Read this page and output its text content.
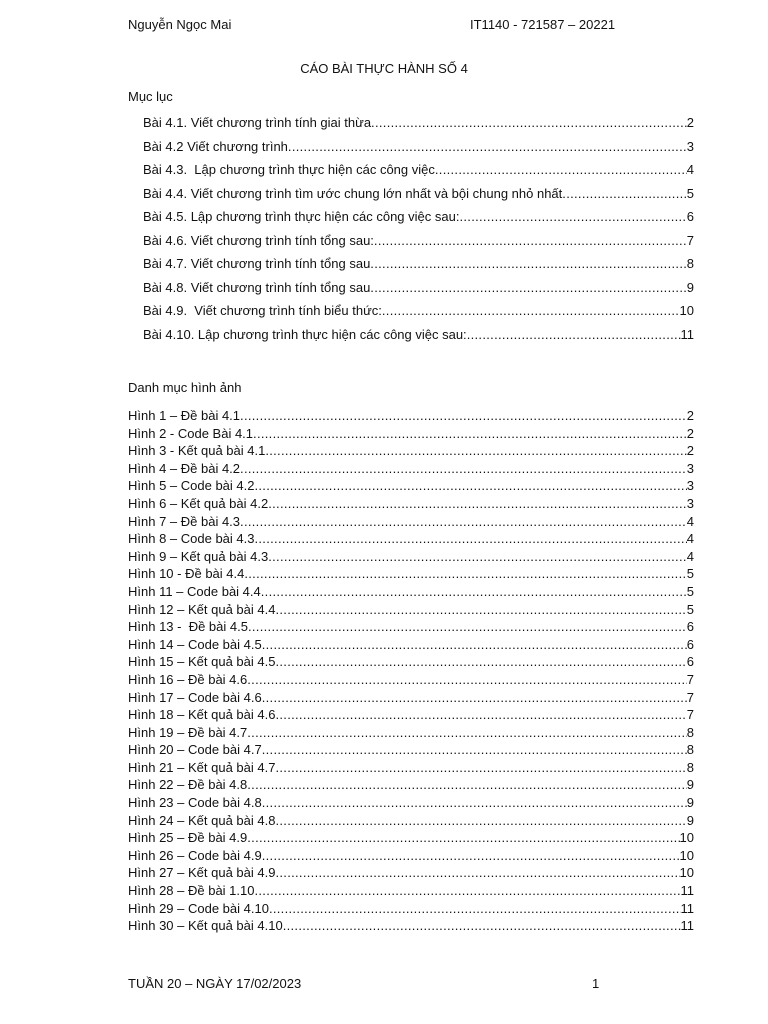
Nguyễn Ngọc Mai	IT1140 - 721587 – 20221
CÁO BÀI THỰC HÀNH SỐ 4
Mục lục
Bài 4.1. Viết chương trình tính giai thừa .....	2
Bài 4.2 Viết chương trình .....	3
Bài 4.3.  Lập chương trình thực hiện các công việc .....	4
Bài 4.4. Viết chương trình tìm ước chung lớn nhất và bội chung nhỏ nhất .....	5
Bài 4.5. Lập chương trình thực hiện các công việc sau: .....	6
Bài 4.6. Viết chương trình tính tổng sau: .....	7
Bài 4.7. Viết chương trình tính tổng sau .....	8
Bài 4.8. Viết chương trình tính tổng sau .....	9
Bài 4.9.  Viết chương trình tính biểu thức: .....	10
Bài 4.10. Lập chương trình thực hiện các công việc sau: .....	11
Danh mục hình ảnh
Hình 1 – Đề bài 4.1 .....	2
Hình 2 - Code Bài 4.1 .....	2
Hình 3 - Kết quả bài 4.1 .....	2
Hình 4 – Đề bài 4.2 .....	3
Hình 5 – Code bài 4.2 .....	3
Hình 6 – Kết quả bài 4.2 .....	3
Hình 7 – Đề bài 4.3 .....	4
Hình 8 – Code bài 4.3 .....	4
Hình 9 – Kết quả bài 4.3 .....	4
Hình 10 - Đề bài 4.4 .....	5
Hình 11 – Code bài 4.4 .....	5
Hình 12 – Kết quả bài 4.4 .....	5
Hình 13 -  Đề bài 4.5 .....	6
Hình 14 – Code bài 4.5 .....	6
Hình 15 – Kết quả bài 4.5 .....	6
Hình 16 – Đề bài 4.6 .....	7
Hình 17 – Code bài 4.6 .....	7
Hình 18 – Kết quả bài 4.6 .....	7
Hình 19 – Đề bài 4.7 .....	8
Hình 20 – Code bài 4.7 .....	8
Hình 21 – Kết quả bài 4.7 .....	8
Hình 22 – Đề bài 4.8 .....	9
Hình 23 – Code bài 4.8 .....	9
Hình 24 – Kết quả bài 4.8 .....	9
Hình 25 – Đề bài 4.9 .....	10
Hình 26 – Code bài 4.9 .....	10
Hình 27 – Kết quả bài 4.9 .....	10
Hình 28 – Đề bài 1.10 .....	11
Hình 29 – Code bài 4.10 .....	11
Hình 30 – Kết quả bài 4.10 .....	11
TUẦN 20 – NGÀY 17/02/2023	1
